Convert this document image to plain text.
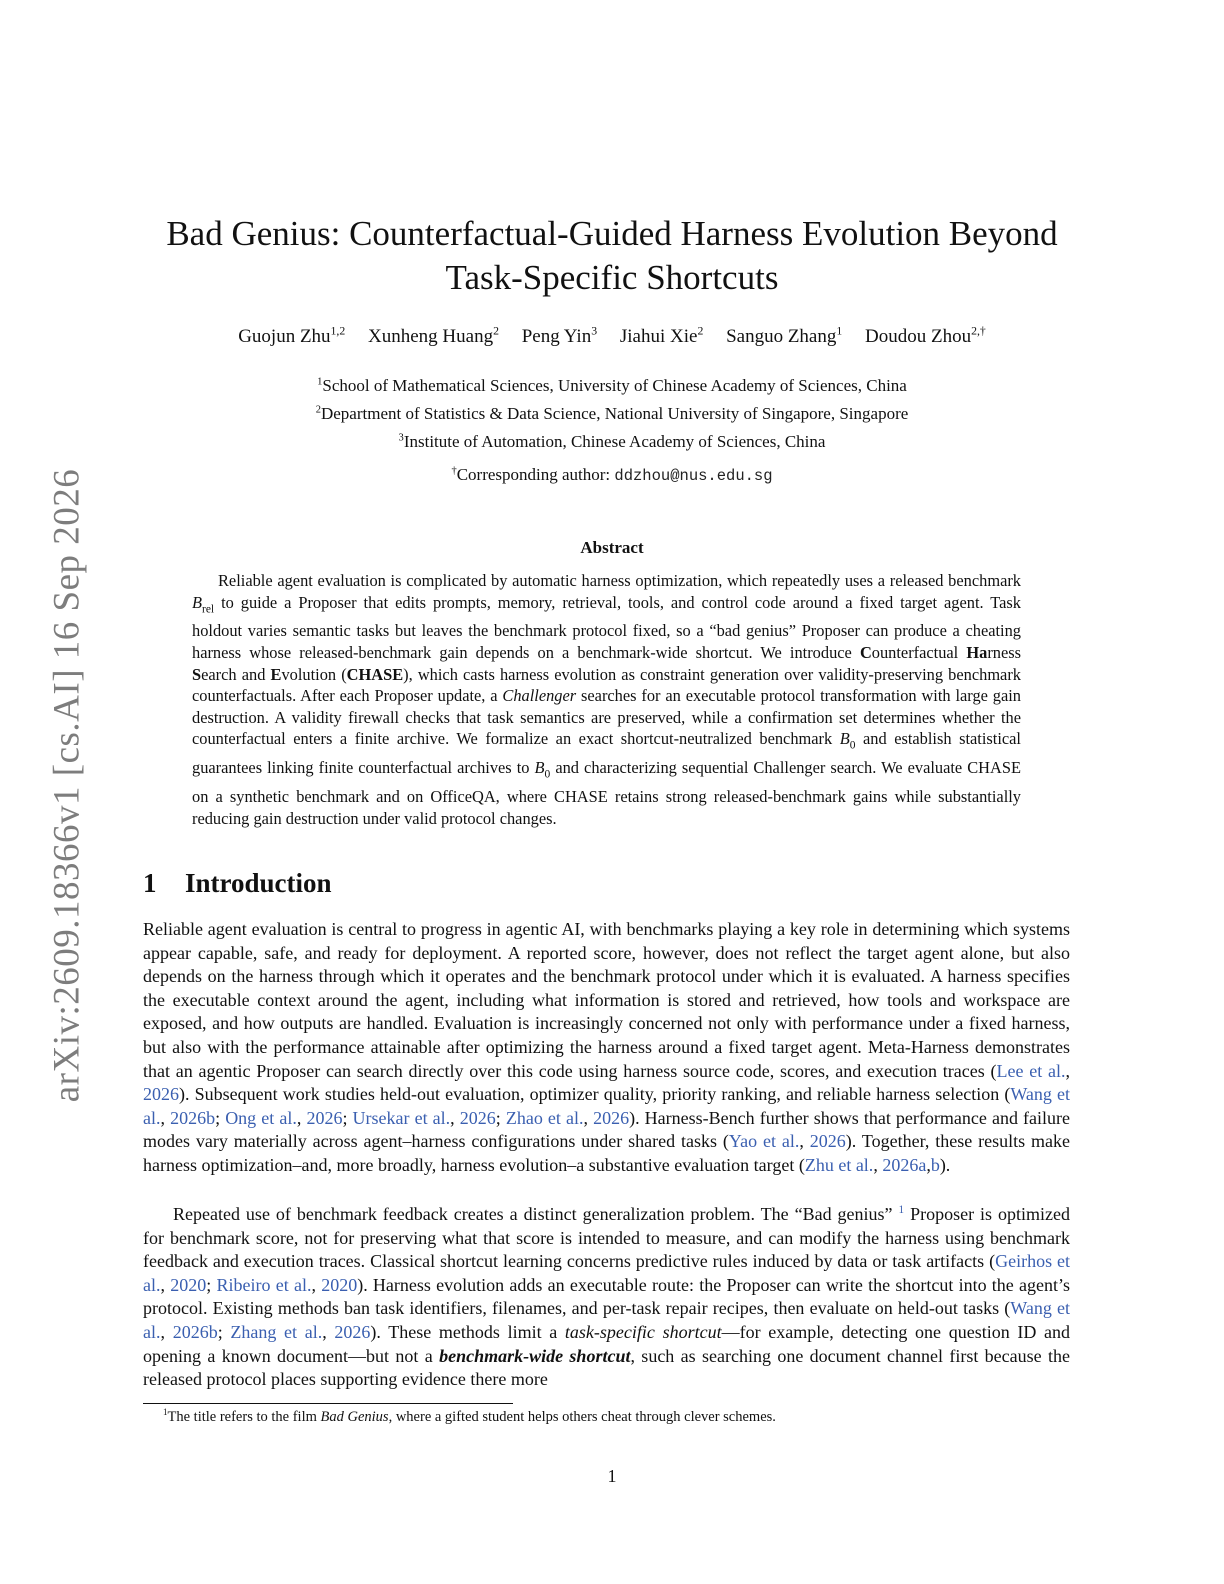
arXiv:2609.18366v1 [cs.AI] 16 Sep 2026
Bad Genius: Counterfactual-Guided Harness Evolution Beyond
Task-Specific Shortcuts
Guojun Zhu$^{1,2}$ Xunheng Huang$^2$ Peng Yin$^3$ Jiahui Xie$^2$ Sanguo Zhang$^1$ Doudou Zhou$^{2,\dagger}$
$^1$School of Mathematical Sciences, University of Chinese Academy of Sciences, China
$^2$Department of Statistics & Data Science, National University of Singapore, Singapore
$^3$Institute of Automation, Chinese Academy of Sciences, China
†Corresponding author: ddzhou@nus.edu.sg
Abstract

Reliable agent evaluation is complicated by automatic harness optimization, which repeatedly uses a released benchmark $B_{rel}$ to guide a Proposer that edits prompts, memory, retrieval, tools, and control code around a fixed target agent. Task holdout varies semantic tasks but leaves the benchmark protocol fixed, so a “bad genius” Proposer can produce a cheating harness whose released-benchmark gain depends on a benchmark-wide shortcut. We introduce Counterfactual Harness Search and Evolution (CHASE), which casts harness evolution as constraint generation over validity-preserving benchmark counterfactuals. After each Proposer update, a Challenger searches for an executable protocol transformation with large gain destruction. A validity firewall checks that task semantics are preserved, while a confirmation set determines whether the counterfactual enters a finite archive. We formalize an exact shortcut-neutralized benchmark $B_0$ and establish statistical guarantees linking finite counterfactual archives to $B_0$ and characterizing sequential Challenger search. We evaluate CHASE on a synthetic benchmark and on OfficeQA, where CHASE retains strong released-benchmark gains while substantially reducing gain destruction under valid protocol changes.

1 Introduction

Reliable agent evaluation is central to progress in agentic AI, with benchmarks playing a key role in determining which systems appear capable, safe, and ready for deployment. A reported score, however, does not reflect the target agent alone, but also depends on the harness through which it operates and the benchmark protocol under which it is evaluated. A harness specifies the executable context around the agent, including what information is stored and retrieved, how tools and workspace are exposed, and how outputs are handled. Evaluation is increasingly concerned not only with performance under a fixed harness, but also with the performance attainable after optimizing the harness around a fixed target agent. Meta-Harness demonstrates that an agentic Proposer can search directly over this code using harness source code, scores, and execution traces (Lee et al., 2026). Subsequent work studies held-out evaluation, optimizer quality, priority ranking, and reliable harness selection (Wang et al., 2026b; Ong et al., 2026; Ursekar et al., 2026; Zhao et al., 2026). Harness-Bench further shows that performance and failure modes vary materially across agent–harness configurations under shared tasks (Yao et al., 2026). Together, these results make harness optimization–and, more broadly, harness evolution–a substantive evaluation target (Zhu et al., 2026a,b).

Repeated use of benchmark feedback creates a distinct generalization problem. The “Bad genius” $^1$ Proposer is optimized for benchmark score, not for preserving what that score is intended to measure, and can modify the harness using benchmark feedback and execution traces. Classical shortcut learning concerns predictive rules induced by data or task artifacts (Geirhos et al., 2020; Ribeiro et al., 2020). Harness evolution adds an executable route: the Proposer can write the shortcut into the agent’s protocol. Existing methods ban task identifiers, filenames, and per-task repair recipes, then evaluate on held-out tasks (Wang et al., 2026b; Zhang et al., 2026). These methods limit a task-specific shortcut—for example, detecting one question ID and opening a known document—but not a benchmark-wide shortcut, such as searching one document channel first because the released protocol places supporting evidence there more

$^1$The title refers to the film Bad Genius, where a gifted student helps others cheat through clever schemes.
1
